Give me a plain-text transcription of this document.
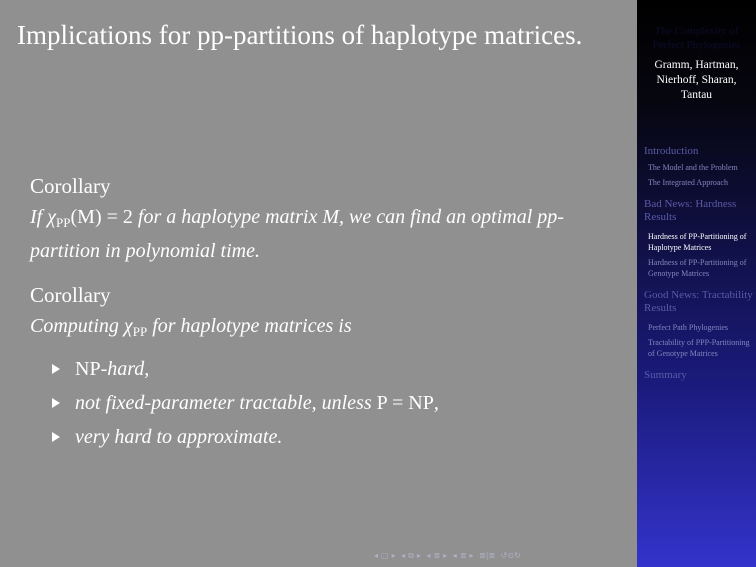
Implications for pp-partitions of haplotype matrices.
Corollary
If $\chi_{PP}(M) = 2$ for a haplotype matrix M, we can find an optimal pp-partition in polynomial time.
Corollary
Computing $\chi_{PP}$ for haplotype matrices is
NP-hard,
not fixed-parameter tractable, unless P = NP,
very hard to approximate.
◂ ▢ ▸ ◂ ⧉ ▸ ◂ ≣ ▸ ◂ ≣ ▸ ≣|≣ ↺⊙↻
The Complexity of Perfect Phylogenies
Gramm, Hartman, Nierhoff, Sharan, Tantau
Introduction
The Model and the Problem
The Integrated Approach
Bad News: Hardness Results
Hardness of PP-Partitioning of Haplotype Matrices
Hardness of PP-Partitioning of Genotype Matrices
Good News: Tractability Results
Perfect Path Phylogenies
Tractability of PPP-Partitioning of Genotype Matrices
Summary
